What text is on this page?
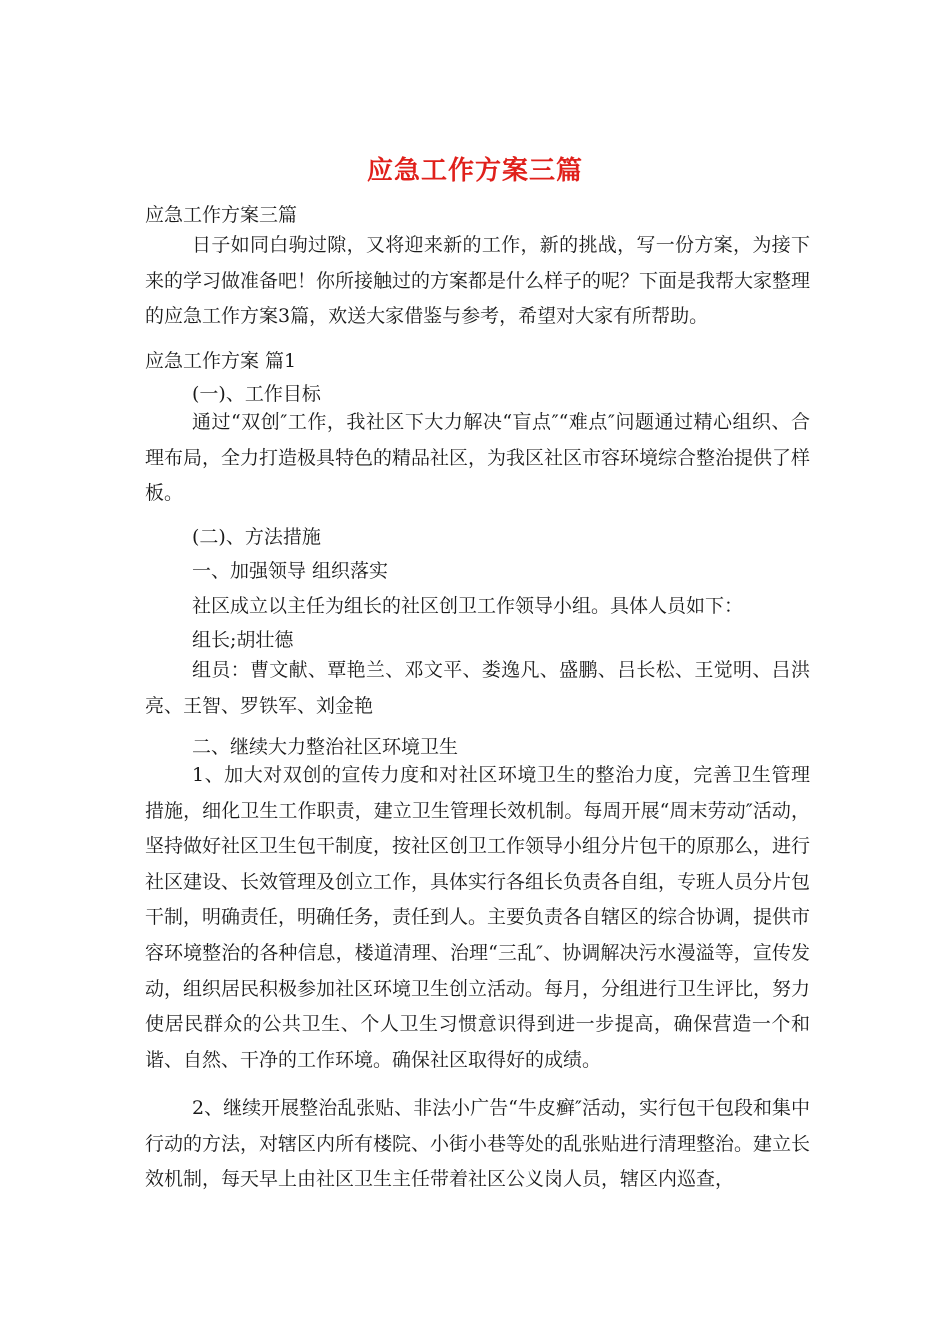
应急工作方案三篇
应急工作方案三篇

日子如同白驹过隙，又将迎来新的工作，新的挑战，写一份方案，为接下来的学习做准备吧！你所接触过的方案都是什么样子的呢？下面是我帮大家整理的应急工作方案3篇，欢送大家借鉴与参考，希望对大家有所帮助。

应急工作方案 篇1
(一)、工作目标

通过“双创″工作，我社区下大力解决“盲点″“难点″问题通过精心组织、合理布局，全力打造极具特色的精品社区，为我区社区市容环境综合整治提供了样板。

(二)、方法措施
一、加强领导 组织落实
社区成立以主任为组长的社区创卫工作领导小组。具体人员如下：
组长;胡壮德

组员：曹文献、覃艳兰、邓文平、娄逸凡、盛鹏、吕长松、王觉明、吕洪亮、王智、罗铁军、刘金艳

二、继续大力整治社区环境卫生

1、加大对双创的宣传力度和对社区环境卫生的整治力度，完善卫生管理措施，细化卫生工作职责，建立卫生管理长效机制。每周开展“周末劳动″活动，坚持做好社区卫生包干制度，按社区创卫工作领导小组分片包干的原那么，进行社区建设、长效管理及创立工作，具体实行各组长负责各自组，专班人员分片包干制，明确责任，明确任务，责任到人。主要负责各自辖区的综合协调，提供市容环境整治的各种信息，楼道清理、治理“三乱″、协调解决污水漫溢等，宣传发动，组织居民积极参加社区环境卫生创立活动。每月，分组进行卫生评比，努力使居民群众的公共卫生、个人卫生习惯意识得到进一步提高，确保营造一个和谐、自然、干净的工作环境。确保社区取得好的成绩。

2、继续开展整治乱张贴、非法小广告“牛皮癣″活动，实行包干包段和集中行动的方法，对辖区内所有楼院、小街小巷等处的乱张贴进行清理整治。建立长效机制，每天早上由社区卫生主任带着社区公义岗人员，辖区内巡查，
